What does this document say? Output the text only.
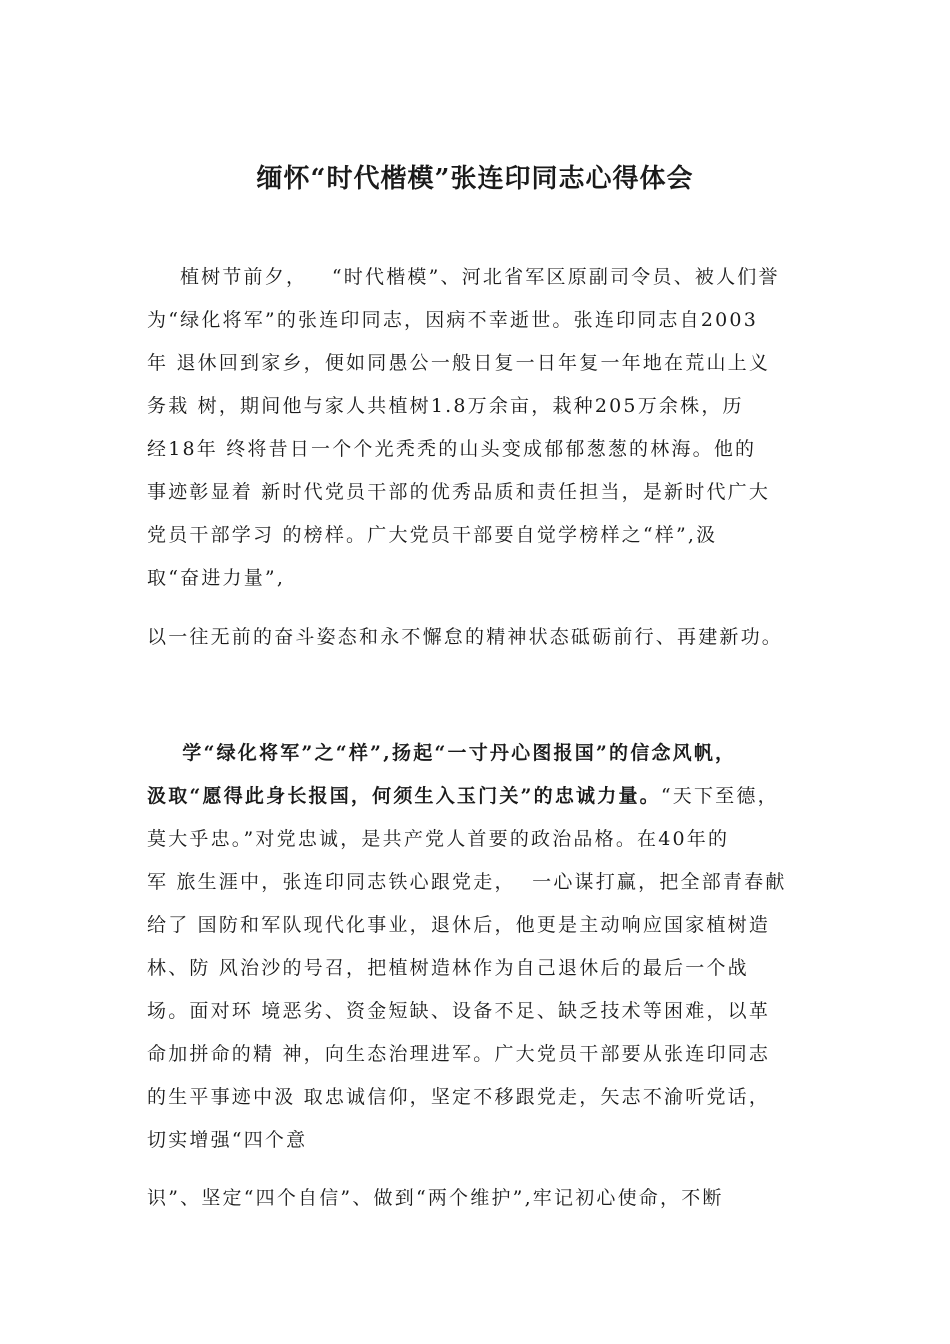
缅怀“时代楷模”张连印同志心得体会

植树节前夕，   “时代楷模”、河北省军区原副司令员、被人们誉

为“绿化将军”的张连印同志，因病不幸逝世。张连印同志自2003

年 退休回到家乡，便如同愚公一般日复一日年复一年地在荒山上义

务栽 树，期间他与家人共植树1.8万余亩，栽种205万余株，历

经18年 终将昔日一个个光秃秃的山头变成郁郁葱葱的林海。他的

事迹彰显着 新时代党员干部的优秀品质和责任担当，是新时代广大

党员干部学习 的榜样。广大党员干部要自觉学榜样之“样”,汲

取“奋进力量”,

以一往无前的奋斗姿态和永不懈怠的精神状态砥砺前行、再建新功。

学“绿化将军”之“样”,扬起“一寸丹心图报国”的信念风帆，

汲取“愿得此身长报国，何须生入玉门关”的忠诚力量。“天下至德，

莫大乎忠。”对党忠诚，是共产党人首要的政治品格。在40年的

军 旅生涯中，张连印同志铁心跟党走，  一心谋打赢，把全部青春献

给了 国防和军队现代化事业，退休后，他更是主动响应国家植树造

林、防 风治沙的号召，把植树造林作为自己退休后的最后一个战

场。面对环 境恶劣、资金短缺、设备不足、缺乏技术等困难，以革

命加拼命的精 神，向生态治理进军。广大党员干部要从张连印同志

的生平事迹中汲 取忠诚信仰，坚定不移跟党走，矢志不渝听党话，

切实增强“四个意

识”、坚定“四个自信”、做到“两个维护”,牢记初心使命，不断
